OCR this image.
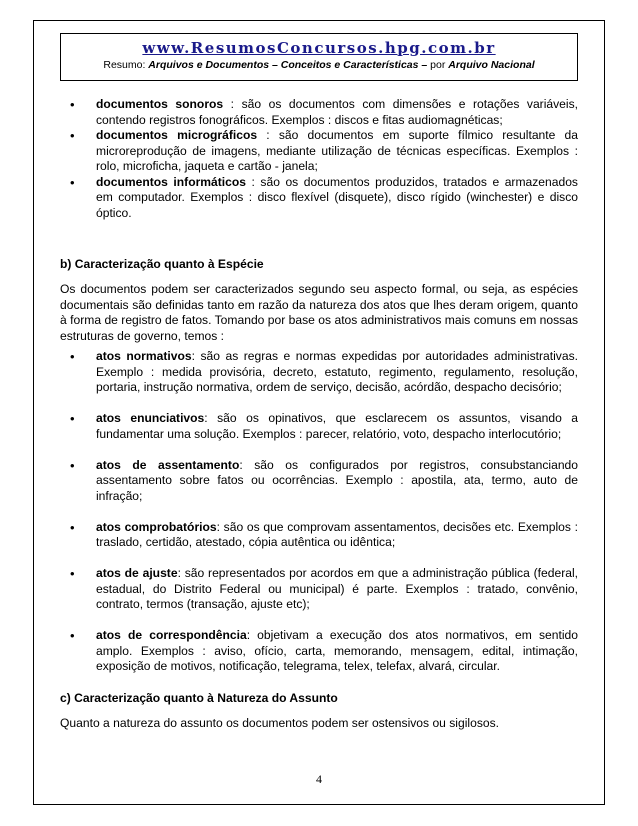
www.ResumosConcursos.hpg.com.br
Resumo: Arquivos e Documentos – Conceitos e Características – por Arquivo Nacional
• documentos sonoros : são os documentos com dimensões e rotações variáveis, contendo registros fonográficos. Exemplos : discos e fitas audiomagnéticas;
• documentos micrográficos : são documentos em suporte fílmico resultante da microreprodução de imagens, mediante utilização de técnicas específicas. Exemplos : rolo, microficha, jaqueta e cartão - janela;
• documentos informáticos : são os documentos produzidos, tratados e armazenados em computador. Exemplos : disco flexível (disquete), disco rígido (winchester) e disco óptico.
b) Caracterização quanto à Espécie

Os documentos podem ser caracterizados segundo seu aspecto formal, ou seja, as espécies documentais são definidas tanto em razão da natureza dos atos que lhes deram origem, quanto à forma de registro de fatos. Tomando por base os atos administrativos mais comuns em nossas estruturas de governo, temos :

• atos normativos: são as regras e normas expedidas por autoridades administrativas. Exemplo : medida provisória, decreto, estatuto, regimento, regulamento, resolução, portaria, instrução normativa, ordem de serviço, decisão, acórdão, despacho decisório;
• atos enunciativos: são os opinativos, que esclarecem os assuntos, visando a fundamentar uma solução. Exemplos : parecer, relatório, voto, despacho interlocutório;
• atos de assentamento: são os configurados por registros, consubstanciando assentamento sobre fatos ou ocorrências. Exemplo : apostila, ata, termo, auto de infração;
• atos comprobatórios: são os que comprovam assentamentos, decisões etc. Exemplos : traslado, certidão, atestado, cópia autêntica ou idêntica;
• atos de ajuste: são representados por acordos em que a administração pública (federal, estadual, do Distrito Federal ou municipal) é parte. Exemplos : tratado, convênio, contrato, termos (transação, ajuste etc);
• atos de correspondência: objetivam a execução dos atos normativos, em sentido amplo. Exemplos : aviso, ofício, carta, memorando, mensagem, edital, intimação, exposição de motivos, notificação, telegrama, telex, telefax, alvará, circular.
c) Caracterização quanto à Natureza do Assunto

Quanto a natureza do assunto os documentos podem ser ostensivos ou sigilosos.

4
